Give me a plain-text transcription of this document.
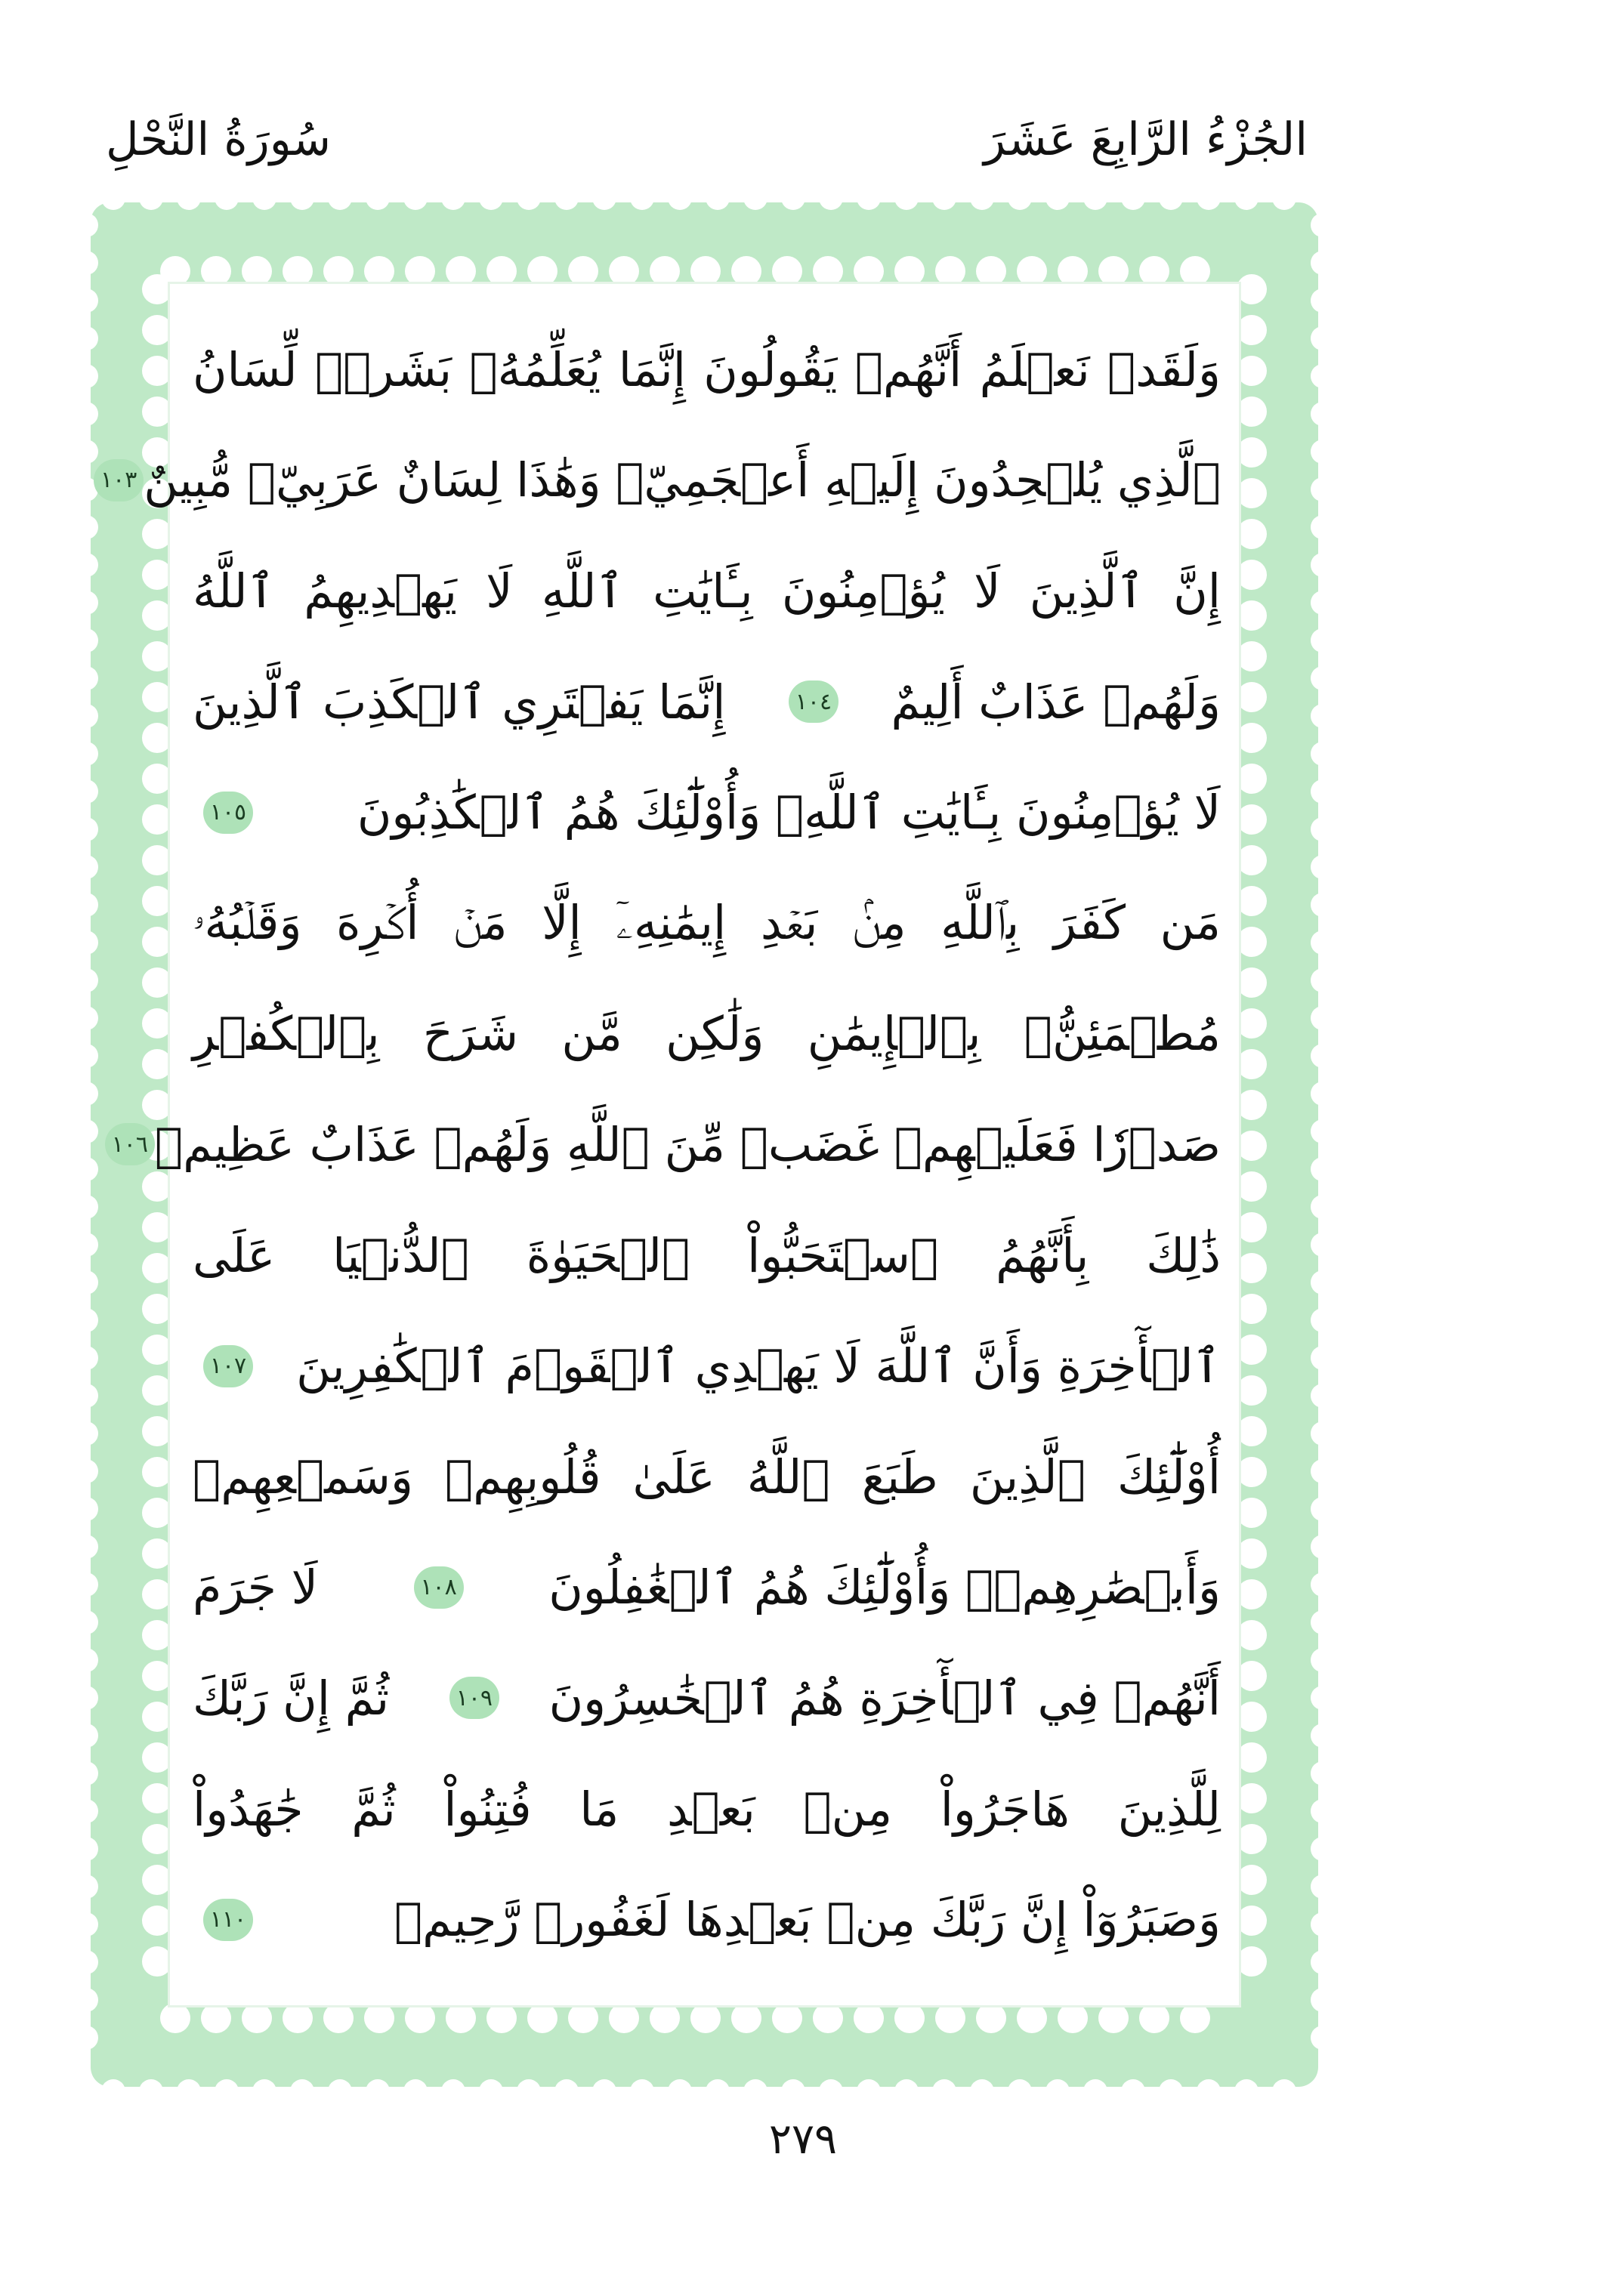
الجُزْءُ الرَّابِعَ عَشَرَ
سُورَةُ النَّحْلِ
وَلَقَدۡ نَعۡلَمُ أَنَّهُمۡ يَقُولُونَ إِنَّمَا يُعَلِّمُهُۥ بَشَرٞۗ لِّسَانُ
ٱلَّذِي يُلۡحِدُونَ إِلَيۡهِ أَعۡجَمِيّٞ وَهَٰذَا لِسَانٌ عَرَبِيّٞ مُّبِينٌ
١٠٣
إِنَّ ٱلَّذِينَ لَا يُؤۡمِنُونَ بِـَٔايَٰتِ ٱللَّهِ لَا يَهۡدِيهِمُ ٱللَّهُ
وَلَهُمۡ عَذَابٌ أَلِيمٌ
١٠٤
إِنَّمَا يَفۡتَرِي ٱلۡكَذِبَ ٱلَّذِينَ
لَا يُؤۡمِنُونَ بِـَٔايَٰتِ ٱللَّهِۖ وَأُوْلَٰٓئِكَ هُمُ ٱلۡكَٰذِبُونَ
١٠٥
مَن كَفَرَ بِٱللَّهِ مِنۢ بَعۡدِ إِيمَٰنِهِۦٓ إِلَّا مَنۡ أُكۡرِهَ وَقَلۡبُهُۥ
مُطۡمَئِنُّۢ بِٱلۡإِيمَٰنِ وَلَٰكِن مَّن شَرَحَ بِٱلۡكُفۡرِ
صَدۡرٗا فَعَلَيۡهِمۡ غَضَبٞ مِّنَ ٱللَّهِ وَلَهُمۡ عَذَابٌ عَظِيمٞ
١٠٦
ذَٰلِكَ بِأَنَّهُمُ ٱسۡتَحَبُّواْ ٱلۡحَيَوٰةَ ٱلدُّنۡيَا عَلَى
ٱلۡأٓخِرَةِ وَأَنَّ ٱللَّهَ لَا يَهۡدِي ٱلۡقَوۡمَ ٱلۡكَٰفِرِينَ
١٠٧
أُوْلَٰٓئِكَ ٱلَّذِينَ طَبَعَ ٱللَّهُ عَلَىٰ قُلُوبِهِمۡ وَسَمۡعِهِمۡ
وَأَبۡصَٰرِهِمۡۖ وَأُوْلَٰٓئِكَ هُمُ ٱلۡغَٰفِلُونَ
١٠٨
لَا جَرَمَ
أَنَّهُمۡ فِي ٱلۡأٓخِرَةِ هُمُ ٱلۡخَٰسِرُونَ
١٠٩
ثُمَّ إِنَّ رَبَّكَ
لِلَّذِينَ هَاجَرُواْ مِنۢ بَعۡدِ مَا فُتِنُواْ ثُمَّ جَٰهَدُواْ
وَصَبَرُوٓاْ إِنَّ رَبَّكَ مِنۢ بَعۡدِهَا لَغَفُورٞ رَّحِيمٞ
١١٠
٢٧٩
